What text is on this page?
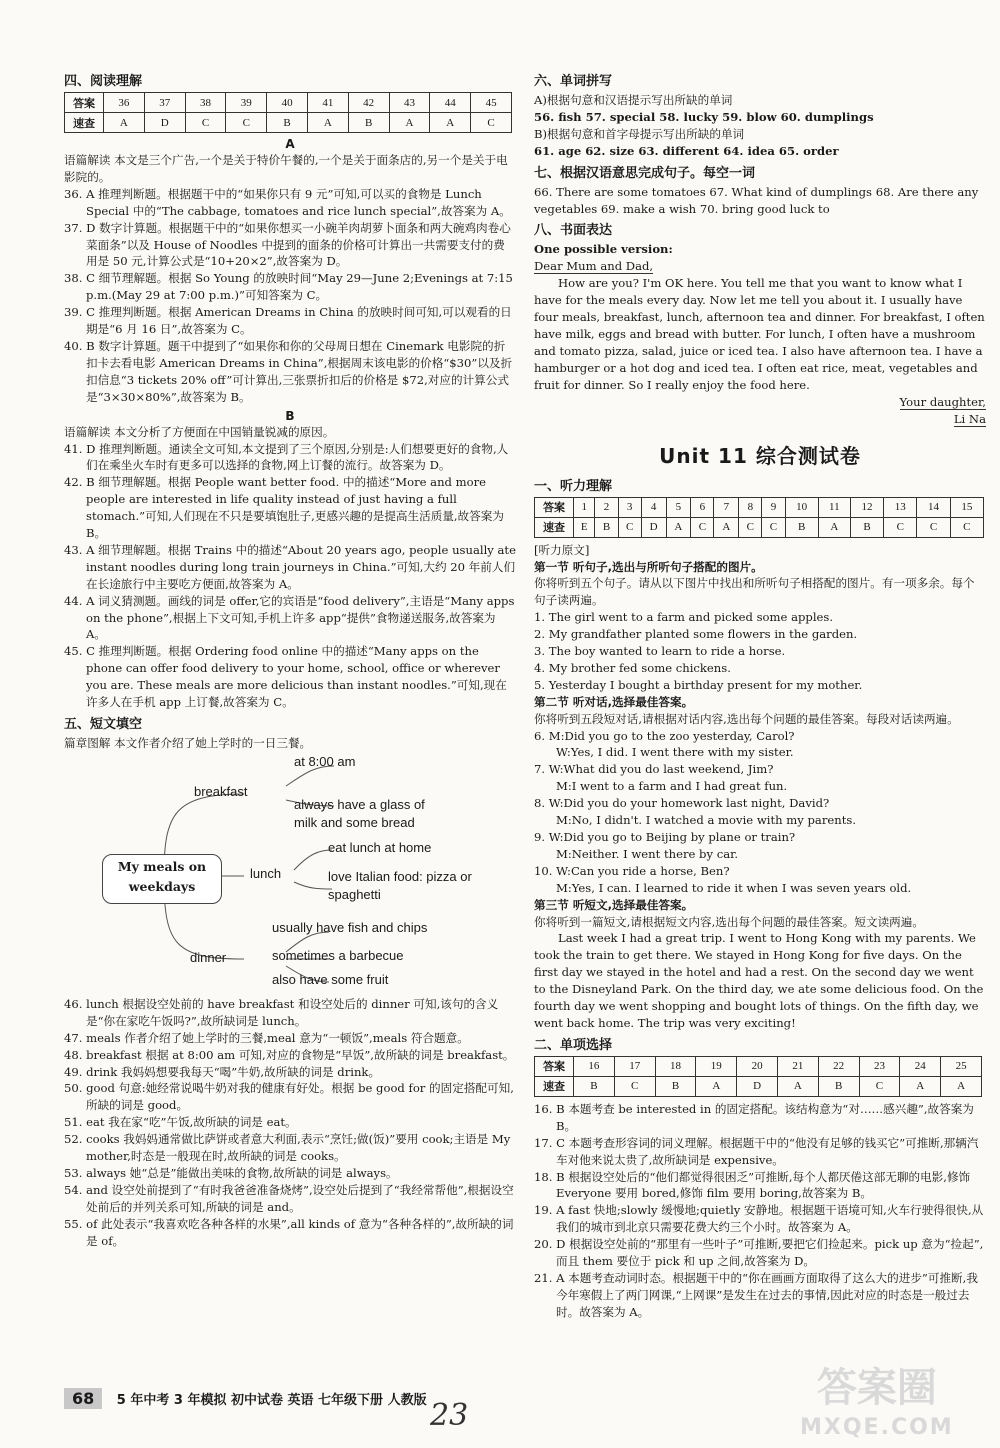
四、阅读理解
答案	36	37	38	39	40	41	42	43	44	45
速查	A	D	C	C	B	A	B	A	A	C
A

语篇解读 本文是三个广告,一个是关于特价午餐的,一个是关于面条店的,另一个是关于电影院的。

36. A 推理判断题。根据题干中的“如果你只有 9 元”可知,可以买的食物是 Lunch Special 中的“The cabbage, tomatoes and rice lunch special”,故答案为 A。

37. D 数字计算题。根据题干中的“如果你想买一小碗羊肉胡萝卜面条和两大碗鸡肉卷心菜面条”以及 House of Noodles 中提到的面条的价格可计算出一共需要支付的费用是 50 元,计算公式是“10+20×2”,故答案为 D。

38. C 细节理解题。根据 So Young 的放映时间“May 29—June 2;Evenings at 7:15 p.m.(May 29 at 7:00 p.m.)”可知答案为 C。

39. C 推理判断题。根据 American Dreams in China 的放映时间可知,可以观看的日期是“6 月 16 日”,故答案为 C。

40. B 数字计算题。题干中提到了“如果你和你的父母周日想在 Cinemark 电影院的折扣卡去看电影 American Dreams in China”,根据周末该电影的价格“$30”以及折扣信息“3 tickets 20% off”可计算出,三张票折扣后的价格是 $72,对应的计算公式是“3×30×80%”,故答案为 B。

B

语篇解读 本文分析了方便面在中国销量锐减的原因。

41. D 推理判断题。通读全文可知,本文提到了三个原因,分别是:人们想要更好的食物,人们在乘坐火车时有更多可以选择的食物,网上订餐的流行。故答案为 D。

42. B 细节理解题。根据 People want better food. 中的描述“More and more people are interested in life quality instead of just having a full stomach.”可知,人们现在不只是要填饱肚子,更感兴趣的是提高生活质量,故答案为 B。

43. A 细节理解题。根据 Trains 中的描述“About 20 years ago, people usually ate instant noodles during long train journeys in China.”可知,大约 20 年前人们在长途旅行中主要吃方便面,故答案为 A。

44. A 词义猜测题。画线的词是 offer,它的宾语是“food delivery”,主语是“Many apps on the phone”,根据上下文可知,手机上许多 app“提供”食物递送服务,故答案为 A。

45. C 推理判断题。根据 Ordering food online 中的描述“Many apps on the phone can offer food delivery to your home, school, office or wherever you are. These meals are more delicious than instant noodles.”可知,现在许多人在手机 app 上订餐,故答案为 C。

五、短文填空

篇章图解 本文作者介绍了她上学时的一日三餐。

My meals on weekdays
breakfast
at 8:00 am
always have a glass of milk and some bread
lunch
eat lunch at home
love Italian food: pizza or spaghetti
dinner
usually have fish and chips
sometimes a barbecue
also have some fruit

46. lunch 根据设空处前的 have breakfast 和设空处后的 dinner 可知,该句的含义是“你在家吃午饭吗?”,故所缺词是 lunch。

47. meals 作者介绍了她上学时的三餐,meal 意为“一顿饭”,meals 符合题意。

48. breakfast 根据 at 8:00 am 可知,对应的食物是“早饭”,故所缺的词是 breakfast。

49. drink 我妈妈想要我每天“喝”牛奶,故所缺的词是 drink。

50. good 句意:她经常说喝牛奶对我的健康有好处。根据 be good for 的固定搭配可知,所缺的词是 good。

51. eat 我在家“吃”午饭,故所缺的词是 eat。

52. cooks 我妈妈通常做比萨饼或者意大利面,表示“烹饪;做(饭)”要用 cook;主语是 My mother,时态是一般现在时,故所缺的词是 cooks。

53. always 她“总是”能做出美味的食物,故所缺的词是 always。

54. and 设空处前提到了“有时我爸爸准备烧烤”,设空处后提到了“我经常帮他”,根据设空处前后的并列关系可知,所缺的词是 and。

55. of 此处表示“我喜欢吃各种各样的水果”,all kinds of 意为“各种各样的”,故所缺的词是 of。

六、单词拼写

A)根据句意和汉语提示写出所缺的单词

56. fish 57. special 58. lucky 59. blow 60. dumplings

B)根据句意和首字母提示写出所缺的单词

61. age 62. size 63. different 64. idea 65. order

七、根据汉语意思完成句子。每空一词

66. There are some tomatoes 67. What kind of dumplings 68. Are there any vegetables 69. make a wish 70. bring good luck to

八、书面表达

One possible version:

Dear Mum and Dad,

How are you? I'm OK here. You tell me that you want to know what I have for the meals every day. Now let me tell you about it. I usually have four meals, breakfast, lunch, afternoon tea and dinner. For breakfast, I often have milk, eggs and bread with butter. For lunch, I often have a mushroom and tomato pizza, salad, juice or iced tea. I also have afternoon tea. I have a hamburger or a hot dog and iced tea. I often eat rice, meat, vegetables and fruit for dinner. So I really enjoy the food here.

Your daughter,
Li Na
Unit 11 综合测试卷
一、听力理解
答案	1	2	3	4	5	6	7	8	9	10	11	12	13	14	15
速查	E	B	C	D	A	C	A	C	C	B	A	B	C	C	C

[听力原文]

第一节 听句子,选出与所听句子搭配的图片。

你将听到五个句子。请从以下图片中找出和所听句子相搭配的图片。有一项多余。每个句子读两遍。

1. The girl went to a farm and picked some apples.

2. My grandfather planted some flowers in the garden.

3. The boy wanted to learn to ride a horse.

4. My brother fed some chickens.

5. Yesterday I bought a birthday present for my mother.

第二节 听对话,选择最佳答案。

你将听到五段短对话,请根据对话内容,选出每个问题的最佳答案。每段对话读两遍。

6. M:Did you go to the zoo yesterday, Carol?

W:Yes, I did. I went there with my sister.

7. W:What did you do last weekend, Jim?

M:I went to a farm and I had great fun.

8. W:Did you do your homework last night, David?

M:No, I didn't. I watched a movie with my parents.

9. W:Did you go to Beijing by plane or train?

M:Neither. I went there by car.

10. W:Can you ride a horse, Ben?

M:Yes, I can. I learned to ride it when I was seven years old.

第三节 听短文,选择最佳答案。

你将听到一篇短文,请根据短文内容,选出每个问题的最佳答案。短文读两遍。

Last week I had a great trip. I went to Hong Kong with my parents. We took the train to get there. We stayed in Hong Kong for five days. On the first day we stayed in the hotel and had a rest. On the second day we went to the Disneyland Park. On the third day, we ate some delicious food. On the fourth day we went shopping and bought lots of things. On the fifth day, we went back home. The trip was very exciting!

二、单项选择
答案	16	17	18	19	20	21	22	23	24	25
速查	B	C	B	A	D	A	B	C	A	A

16. B 本题考查 be interested in 的固定搭配。该结构意为“对……感兴趣”,故答案为 B。

17. C 本题考查形容词的词义理解。根据题干中的“他没有足够的钱买它”可推断,那辆汽车对他来说太贵了,故所缺词是 expensive。

18. B 根据设空处后的“他们都觉得很困乏”可推断,每个人都厌倦这部无聊的电影,修饰 Everyone 要用 bored,修饰 film 要用 boring,故答案为 B。

19. A fast 快地;slowly 缓慢地;quietly 安静地。根据题干语境可知,火车行驶得很快,从我们的城市到北京只需要花费大约三个小时。故答案为 A。

20. D 根据设空处前的“那里有一些叶子”可推断,要把它们捡起来。pick up 意为“捡起”,而且 them 要位于 pick 和 up 之间,故答案为 D。

21. A 本题考查动词时态。根据题干中的“你在画画方面取得了这么大的进步”可推断,我今年寒假上了两门网课,“上网课”是发生在过去的事情,因此对应的时态是一般过去时。故答案为 A。

68 5 年中考 3 年模拟 初中试卷 英语 七年级下册 人教版 23
答案圈
MXQE.COM
